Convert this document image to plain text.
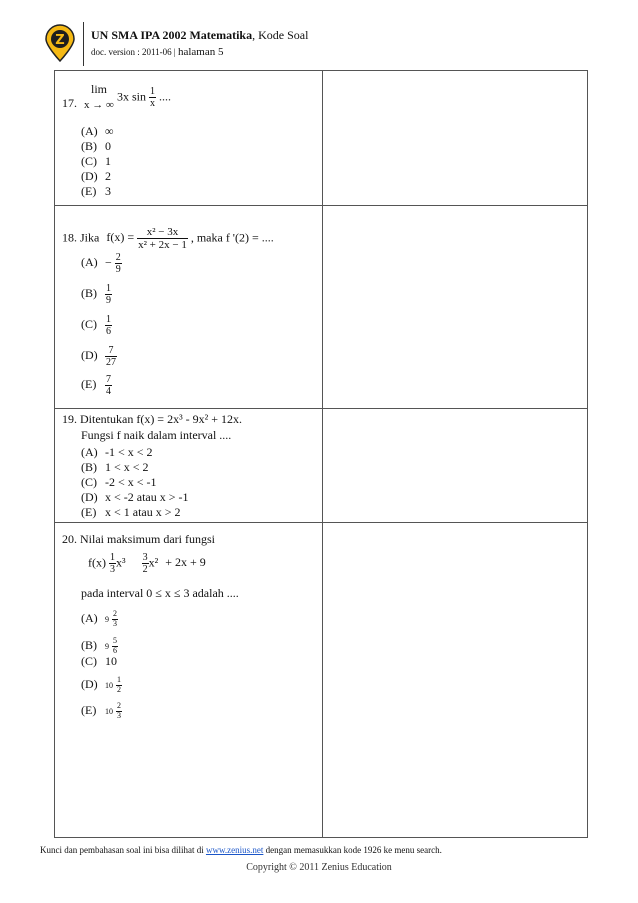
Z UN SMA IPA 2002 Matematika, Kode Soal
doc. version : 2011-06 | halaman 5
lim
17. x → ∞
3x $\sin \frac{1}{x}$ ....
(A) ∞
(B) 0
(C) 1
(D) 2
(E) 3
18. Jika $f(x) = \frac{\text{x² − 3x}}{\text{x² + 2x − 1}}$ , maka f '(2) = ....
$(A) - \frac{2}{9}$
$(B) \frac{1}{9}$
$(C) \frac{1}{6}$
$(D) \frac{7}{27}$
$(E) \frac{7}{4}$
19. Ditentukan f(x) = 2x³ - 9x² + 12x.
Fungsi f naik dalam interval ....
(A) -1 < x < 2
(B) 1 < x < 2
(C) -2 < x < -1
(D) x < -2 atau x > -1
(E) x < 1 atau x > 2
20. Nilai maksimum dari fungsi
$f(x) \frac{1}{3} x^3 \frac{3}{2} x^2 + 2x + 9$
pada interval 0 ≤ x ≤ 3 adalah ....
(A) $9 \frac{2}{3}$
(B) $9 \frac{5}{6}$
(C) 10
(D) $10 \frac{1}{2}$
(E) $10 \frac{2}{3}$
Kunci dan pembahasan soal ini bisa dilihat di www.zenius.net dengan memasukkan kode 1926 ke menu search.
Copyright © 2011 Zenius Education
